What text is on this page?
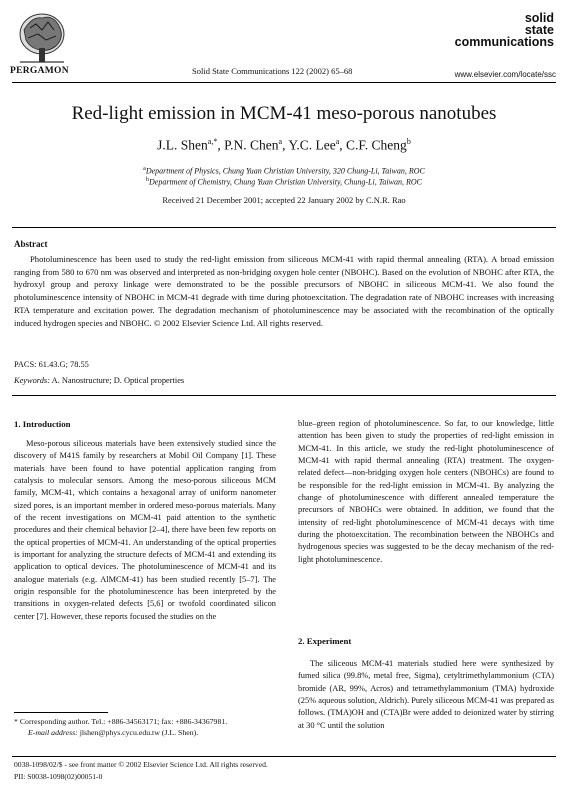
PERGAMON	Solid State Communications 122 (2002) 65–68
solid
state
communications
www.elsevier.com/locate/ssc
Red-light emission in MCM-41 meso-porous nanotubes
J.L. Shen$^{a,*}$, P.N. Chen$^a$, Y.C. Lee$^a$, C.F. Cheng$^b$
$^a$Department of Physics, Chung Yuan Christian University, 320 Chung-Li, Taiwan, ROC
$^b$Department of Chemistry, Chung Yuan Christian University, Chung-Li, Taiwan, ROC
Received 21 December 2001; accepted 22 January 2002 by C.N.R. Rao
Abstract
Photoluminescence has been used to study the red-light emission from siliceous MCM-41 with rapid thermal annealing (RTA). A broad emission ranging from 580 to 670 nm was observed and interpreted as non-bridging oxygen hole center (NBOHC). Based on the evolution of NBOHC after RTA, the hydroxyl group and peroxy linkage were demonstrated to be the possible precursors of NBOHC in siliceous MCM-41. We also found the photoluminescence intensity of NBOHC in MCM-41 degrade with time during photoexcitation. The degradation rate of NBOHC increases with increasing RTA temperature and excitation power. The degradation mechanism of photoluminescence may be associated with the recombination of the optically induced hydrogen species and NBOHC. © 2002 Elsevier Science Ltd. All rights reserved.
PACS: 61.43.G; 78.55
Keywords: A. Nanostructure; D. Optical properties
1. Introduction
Meso-porous siliceous materials have been extensively studied since the discovery of M41S family by researchers at Mobil Oil Company [1]. These materials have been found to have potential application ranging from catalysis to molecular sensors. Among the meso-porous siliceous MCM family, MCM-41, which contains a hexagonal array of uniform nanometer sized pores, is an important member in ordered meso-porous materials. Many of the recent investigations on MCM-41 paid attention to the synthetic procedures and their chemical behavior [2–4], there have been few reports on the optical properties of MCM-41. An understanding of the optical properties is important for analyzing the structure defects of MCM-41 and extending its application to optical devices. The photoluminescence of MCM-41 and its analogue materials (e.g. AlMCM-41) has been studied recently [5–7]. The origin responsible for the photoluminescence has been interpreted by the transitions in oxygen-related defects [5,6] or twofold coordinated silicon center [7]. However, these reports focused the studies on the
* Corresponding author. Tel.: +886-34563171; fax: +886-34367981.
E-mail address: jlshen@phys.cycu.edu.tw (J.L. Shen).
blue–green region of photoluminescence. So far, to our knowledge, little attention has been given to study the properties of red-light emission in MCM-41. In this article, we study the red-light photoluminescence of MCM-41 with rapid thermal annealing (RTA) treatment. The oxygen-related defect—non-bridging oxygen hole centers (NBOHCs) are found to be responsible for the red-light emission in MCM-41. By analyzing the change of photoluminescence with different annealed temperature the precursors of NBOHCs were obtained. In addition, we found that the intensity of red-light photoluminescence of MCM-41 decays with time during the photoexcitation. The recombination between the NBOHCs and hydrogenous species was suggested to be the decay mechanism of the red-light photoluminescence.
2. Experiment
The siliceous MCM-41 materials studied here were synthesized by fumed silica (99.8%, metal free, Sigma), cetyltrimethylammonium (CTA) bromide (AR, 99%, Acros) and tetramethylammonium (TMA) hydroxide (25% aqueous solution, Aldrich). Purely siliceous MCM-41 was prepared as follows. (TMA)OH and (CTA)Br were added to deionized water by stirring at 30 °C until the solution
0038-1098/02/$ - see front matter © 2002 Elsevier Science Ltd. All rights reserved.
PII: S0038-1098(02)00051-0
